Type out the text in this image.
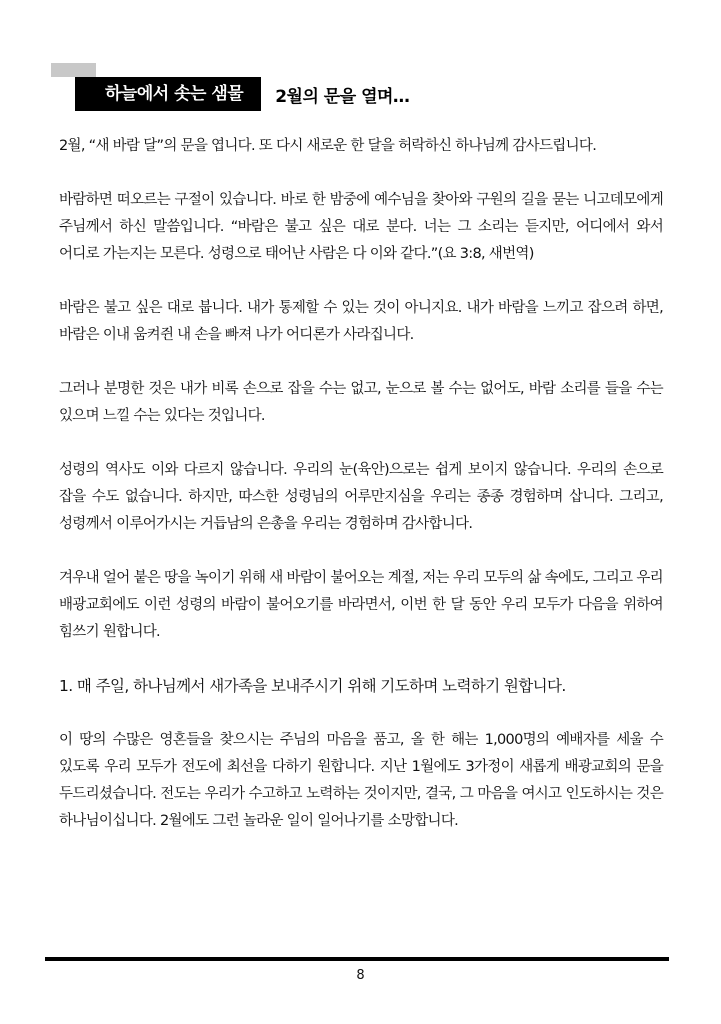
하늘에서 솟는 샘물	2월의 문을 열며…

2월, “새 바람 달”의 문을 엽니다. 또 다시 새로운 한 달을 허락하신 하나님께 감사드립니다.

바람하면 떠오르는 구절이 있습니다. 바로 한 밤중에 예수님을 찾아와 구원의 길을 묻는 니고데모에게 주님께서 하신 말씀입니다. “바람은 불고 싶은 대로 분다. 너는 그 소리는 듣지만, 어디에서 와서 어디로 가는지는 모른다. 성령으로 태어난 사람은 다 이와 같다.”(요 3:8, 새번역)

바람은 불고 싶은 대로 붑니다. 내가 통제할 수 있는 것이 아니지요. 내가 바람을 느끼고 잡으려 하면, 바람은 이내 움켜쥔 내 손을 빠져 나가 어디론가 사라집니다.

그러나 분명한 것은 내가 비록 손으로 잡을 수는 없고, 눈으로 볼 수는 없어도, 바람 소리를 들을 수는 있으며 느낄 수는 있다는 것입니다.

성령의 역사도 이와 다르지 않습니다. 우리의 눈(육안)으로는 쉽게 보이지 않습니다. 우리의 손으로 잡을 수도 없습니다. 하지만, 따스한 성령님의 어루만지심을 우리는 종종 경험하며 삽니다. 그리고, 성령께서 이루어가시는 거듭남의 은총을 우리는 경험하며 감사합니다.

겨우내 얼어 붙은 땅을 녹이기 위해 새 바람이 불어오는 계절, 저는 우리 모두의 삶 속에도, 그리고 우리 배광교회에도 이런 성령의 바람이 불어오기를 바라면서, 이번 한 달 동안 우리 모두가 다음을 위하여 힘쓰기 원합니다.

1. 매 주일, 하나님께서 새가족을 보내주시기 위해 기도하며 노력하기 원합니다.

이 땅의 수많은 영혼들을 찾으시는 주님의 마음을 품고, 올 한 해는 1,000명의 예배자를 세울 수 있도록 우리 모두가 전도에 최선을 다하기 원합니다. 지난 1월에도 3가정이 새롭게 배광교회의 문을 두드리셨습니다. 전도는 우리가 수고하고 노력하는 것이지만, 결국, 그 마음을 여시고 인도하시는 것은 하나님이십니다. 2월에도 그런 놀라운 일이 일어나기를 소망합니다.

8
